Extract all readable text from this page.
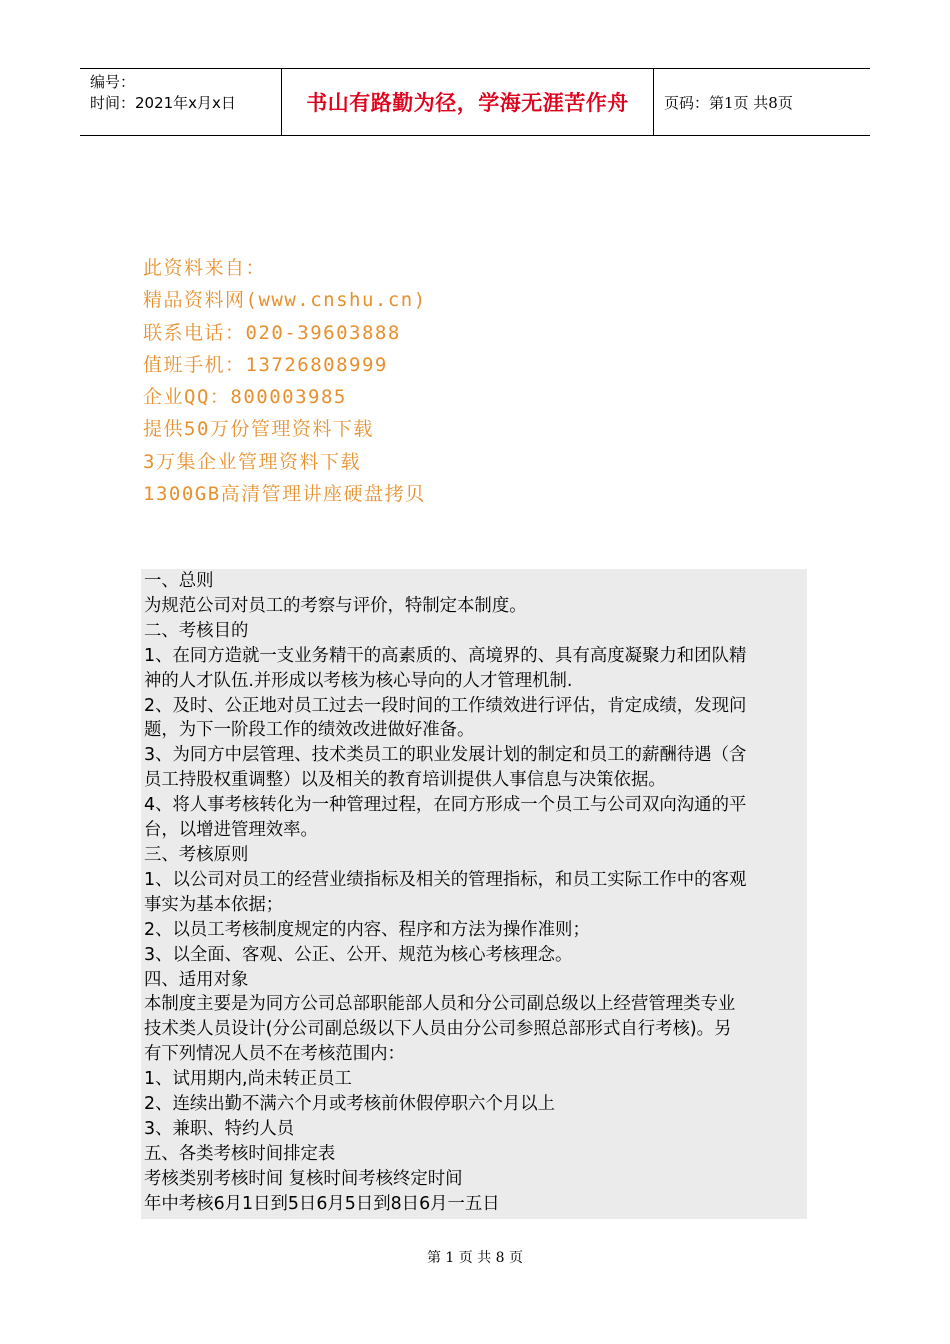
编号：
时间：2021年x月x日	书山有路勤为径，学海无涯苦作舟 页码：第1页 共8页
此资料来自：
精品资料网(www.cnshu.cn)
联系电话：020-39603888
值班手机：13726808999
企业QQ：800003985
提供50万份管理资料下载
3万集企业管理资料下载
1300GB高清管理讲座硬盘拷贝
一、总则
为规范公司对员工的考察与评价，特制定本制度。
二、考核目的
1、在同方造就一支业务精干的高素质的、高境界的、具有高度凝聚力和团队精
神的人才队伍.并形成以考核为核心导向的人才管理机制.
2、及时、公正地对员工过去一段时间的工作绩效进行评估，肯定成绩，发现问
题，为下一阶段工作的绩效改进做好准备。
3、为同方中层管理、技术类员工的职业发展计划的制定和员工的薪酬待遇（含
员工持股权重调整）以及相关的教育培训提供人事信息与决策依据。
4、将人事考核转化为一种管理过程，在同方形成一个员工与公司双向沟通的平
台，以增进管理效率。
三、考核原则
1、以公司对员工的经营业绩指标及相关的管理指标，和员工实际工作中的客观
事实为基本依据；
2、以员工考核制度规定的内容、程序和方法为操作准则；
3、以全面、客观、公正、公开、规范为核心考核理念。
四、适用对象
本制度主要是为同方公司总部职能部人员和分公司副总级以上经营管理类专业
技术类人员设计(分公司副总级以下人员由分公司参照总部形式自行考核)。另
有下列情况人员不在考核范围内：
1、试用期内,尚未转正员工
2、连续出勤不满六个月或考核前休假停职六个月以上
3、兼职、特约人员
五、各类考核时间排定表
考核类别考核时间 复核时间考核终定时间
年中考核6月1日到5日6月5日到8日6月一五日
第 1 页 共 8 页
